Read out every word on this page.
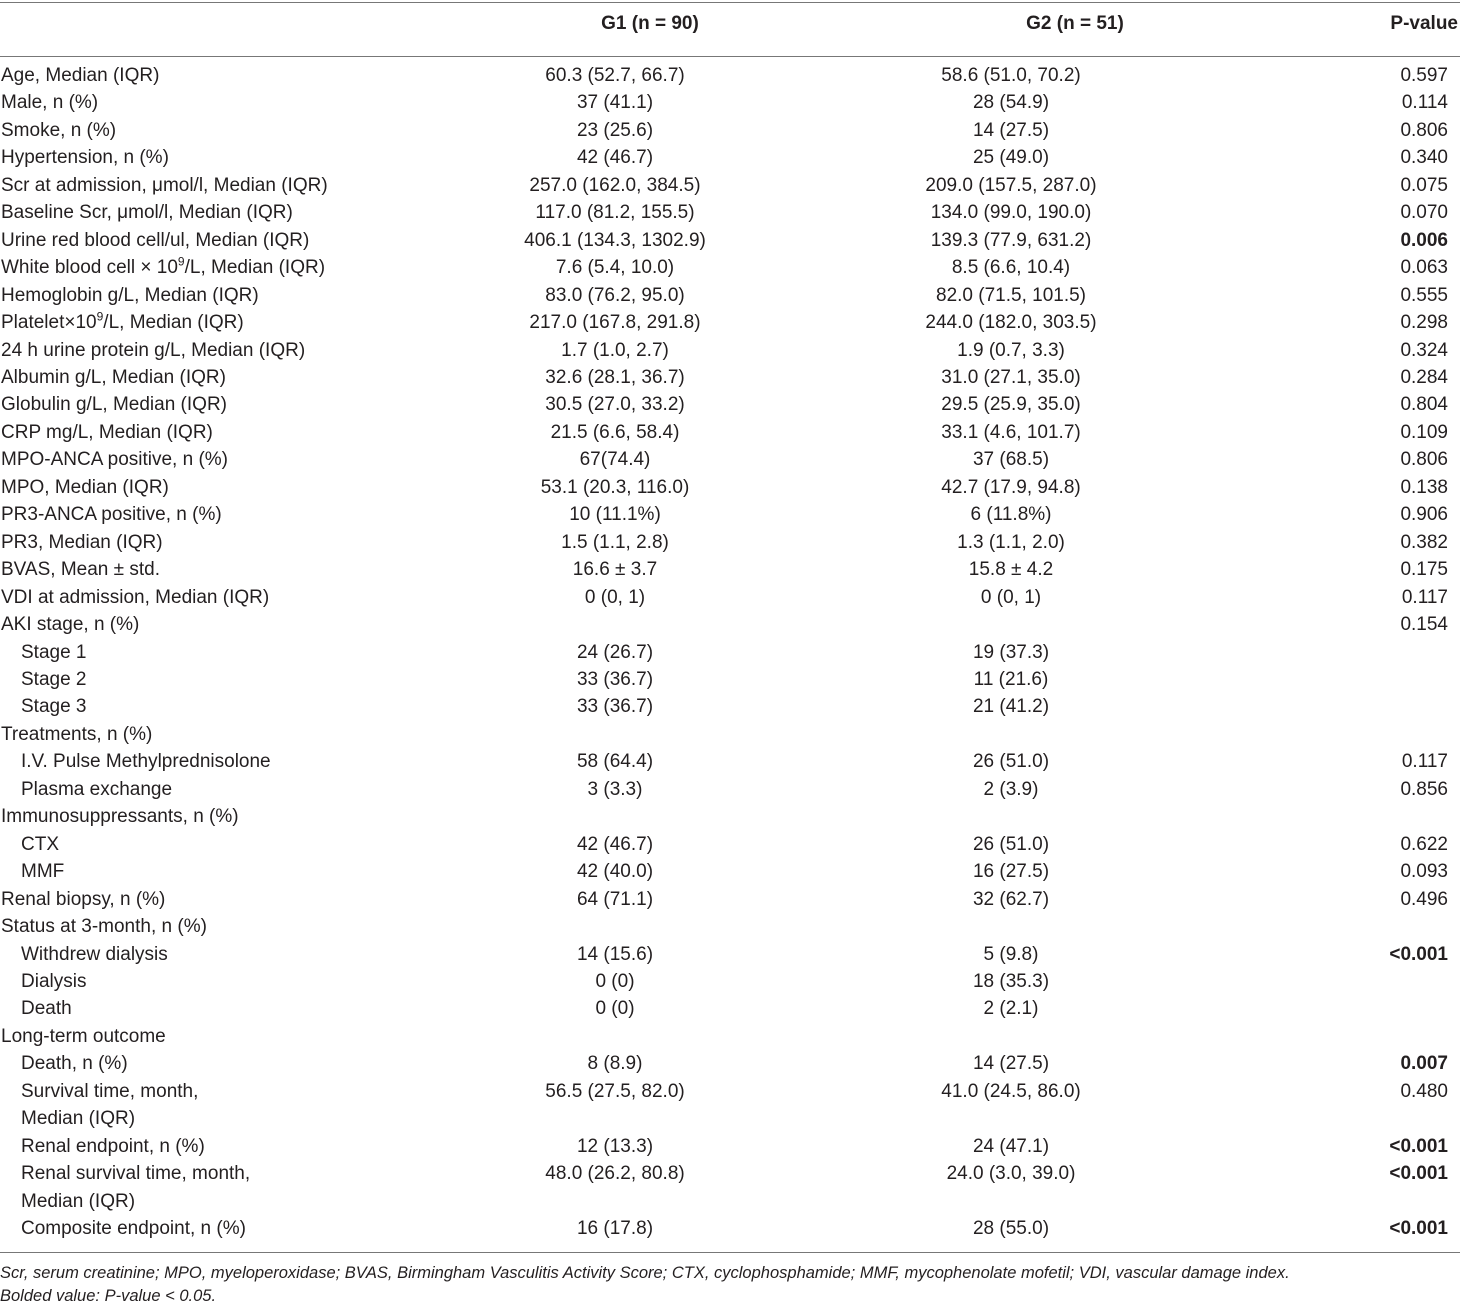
G1 (n = 90)	G2 (n = 51)	P-value
Age, Median (IQR)	60.3 (52.7, 66.7)	58.6 (51.0, 70.2)	0.597
Male, n (%)	37 (41.1)	28 (54.9)	0.114
Smoke, n (%)	23 (25.6)	14 (27.5)	0.806
Hypertension, n (%)	42 (46.7)	25 (49.0)	0.340
Scr at admission, μmol/l, Median (IQR)	257.0 (162.0, 384.5)	209.0 (157.5, 287.0)	0.075
Baseline Scr, μmol/l, Median (IQR)	117.0 (81.2, 155.5)	134.0 (99.0, 190.0)	0.070
Urine red blood cell/ul, Median (IQR)	406.1 (134.3, 1302.9)	139.3 (77.9, 631.2)	0.006
White blood cell × $10^9/L$, Median (IQR)	7.6 (5.4, 10.0)	8.5 (6.6, 10.4)	0.063
Hemoglobin g/L, Median (IQR)	83.0 (76.2, 95.0)	82.0 (71.5, 101.5)	0.555
$Platelet\times 10^9/L$, Median (IQR)	217.0 (167.8, 291.8)	244.0 (182.0, 303.5)	0.298
24 h urine protein g/L, Median (IQR)	1.7 (1.0, 2.7)	1.9 (0.7, 3.3)	0.324
Albumin g/L, Median (IQR)	32.6 (28.1, 36.7)	31.0 (27.1, 35.0)	0.284
Globulin g/L, Median (IQR)	30.5 (27.0, 33.2)	29.5 (25.9, 35.0)	0.804
CRP mg/L, Median (IQR)	21.5 (6.6, 58.4)	33.1 (4.6, 101.7)	0.109
MPO-ANCA positive, n (%)	67(74.4)	37 (68.5)	0.806
MPO, Median (IQR)	53.1 (20.3, 116.0)	42.7 (17.9, 94.8)	0.138
PR3-ANCA positive, n (%)	10 (11.1%)	6 (11.8%)	0.906
PR3, Median (IQR)	1.5 (1.1, 2.8)	1.3 (1.1, 2.0)	0.382
BVAS, Mean ± std.	16.6 ± 3.7	15.8 ± 4.2	0.175
VDI at admission, Median (IQR)	0 (0, 1)	0 (0, 1)	0.117
AKI stage, n (%)			0.154
Stage 1	24 (26.7)	19 (37.3)	
Stage 2	33 (36.7)	11 (21.6)	
Stage 3	33 (36.7)	21 (41.2)	
Treatments, n (%)			
I.V. Pulse Methylprednisolone	58 (64.4)	26 (51.0)	0.117
Plasma exchange	3 (3.3)	2 (3.9)	0.856
Immunosuppressants, n (%)			
CTX	42 (46.7)	26 (51.0)	0.622
MMF	42 (40.0)	16 (27.5)	0.093
Renal biopsy, n (%)	64 (71.1)	32 (62.7)	0.496
Status at 3-month, n (%)			
Withdrew dialysis	14 (15.6)	5 (9.8)	<0.001
Dialysis	0 (0)	18 (35.3)	
Death	0 (0)	2 (2.1)	
Long-term outcome			
Death, n (%)	8 (8.9)	14 (27.5)	0.007
Survival time, month,	56.5 (27.5, 82.0)	41.0 (24.5, 86.0)	0.480
Median (IQR)			
Renal endpoint, n (%)	12 (13.3)	24 (47.1)	<0.001
Renal survival time, month,	48.0 (26.2, 80.8)	24.0 (3.0, 39.0)	<0.001
Median (IQR)			
Composite endpoint, n (%)	16 (17.8)	28 (55.0)	<0.001
Scr, serum creatinine; MPO, myeloperoxidase; BVAS, Birmingham Vasculitis Activity Score; CTX, cyclophosphamide; MMF, mycophenolate mofetil; VDI, vascular damage index.
Bolded value: P-value < 0.05.
